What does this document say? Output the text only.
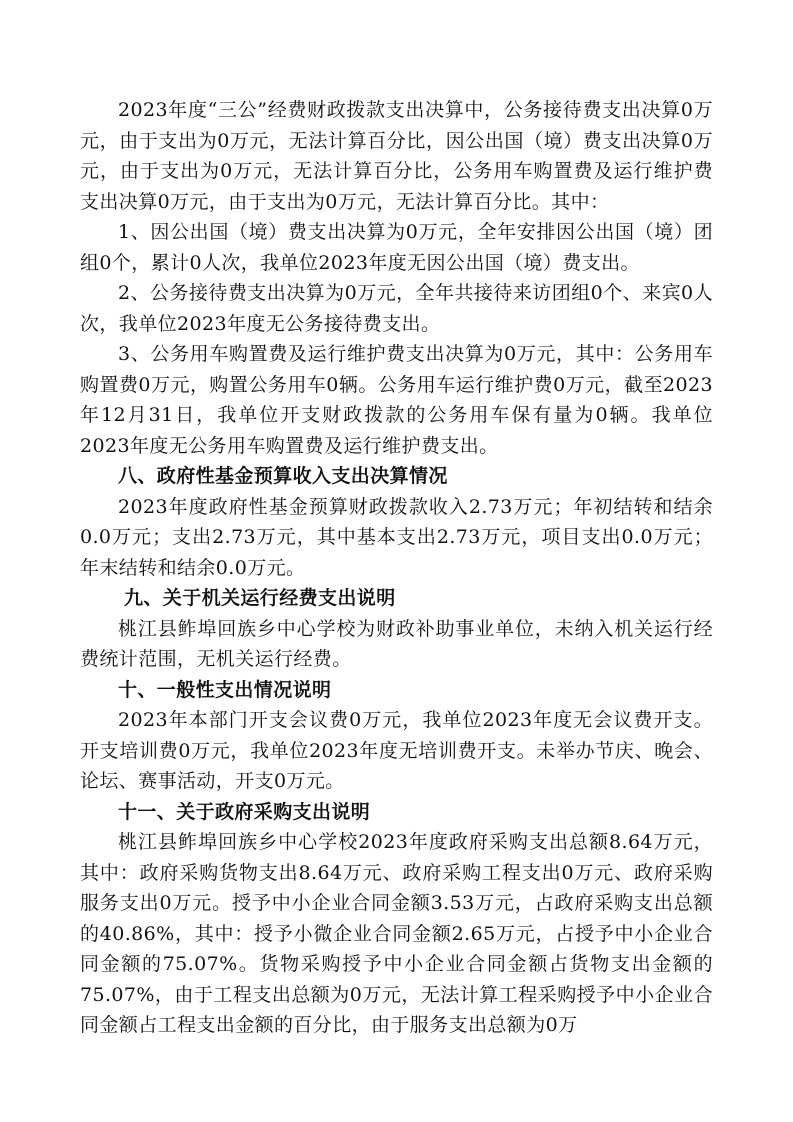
2023年度“三公”经费财政拨款支出决算中，公务接待费支出决算0万元，由于支出为0万元，无法计算百分比，因公出国（境）费支出决算0万元，由于支出为0万元，无法计算百分比，公务用车购置费及运行维护费支出决算0万元，由于支出为0万元，无法计算百分比。其中：

1、因公出国（境）费支出决算为0万元，全年安排因公出国（境）团组0个，累计0人次，我单位2023年度无因公出国（境）费支出。

2、公务接待费支出决算为0万元，全年共接待来访团组0个、来宾0人次，我单位2023年度无公务接待费支出。

3、公务用车购置费及运行维护费支出决算为0万元，其中：公务用车购置费0万元，购置公务用车0辆。公务用车运行维护费0万元，截至2023年12月31日，我单位开支财政拨款的公务用车保有量为0辆。我单位2023年度无公务用车购置费及运行维护费支出。

八、政府性基金预算收入支出决算情况

2023年度政府性基金预算财政拨款收入2.73万元；年初结转和结余0.0万元；支出2.73万元，其中基本支出2.73万元，项目支出0.0万元；年末结转和结余0.0万元。

九、关于机关运行经费支出说明

桃江县鲊埠回族乡中心学校为财政补助事业单位，未纳入机关运行经费统计范围，无机关运行经费。

十、一般性支出情况说明

2023年本部门开支会议费0万元，我单位2023年度无会议费开支。开支培训费0万元，我单位2023年度无培训费开支。未举办节庆、晚会、论坛、赛事活动，开支0万元。

十一、关于政府采购支出说明

桃江县鲊埠回族乡中心学校2023年度政府采购支出总额8.64万元，其中：政府采购货物支出8.64万元、政府采购工程支出0万元、政府采购服务支出0万元。授予中小企业合同金额3.53万元，占政府采购支出总额的40.86%，其中：授予小微企业合同金额2.65万元，占授予中小企业合同金额的75.07%。货物采购授予中小企业合同金额占货物支出金额的75.07%，由于工程支出总额为0万元，无法计算工程采购授予中小企业合同金额占工程支出金额的百分比，由于服务支出总额为0万
